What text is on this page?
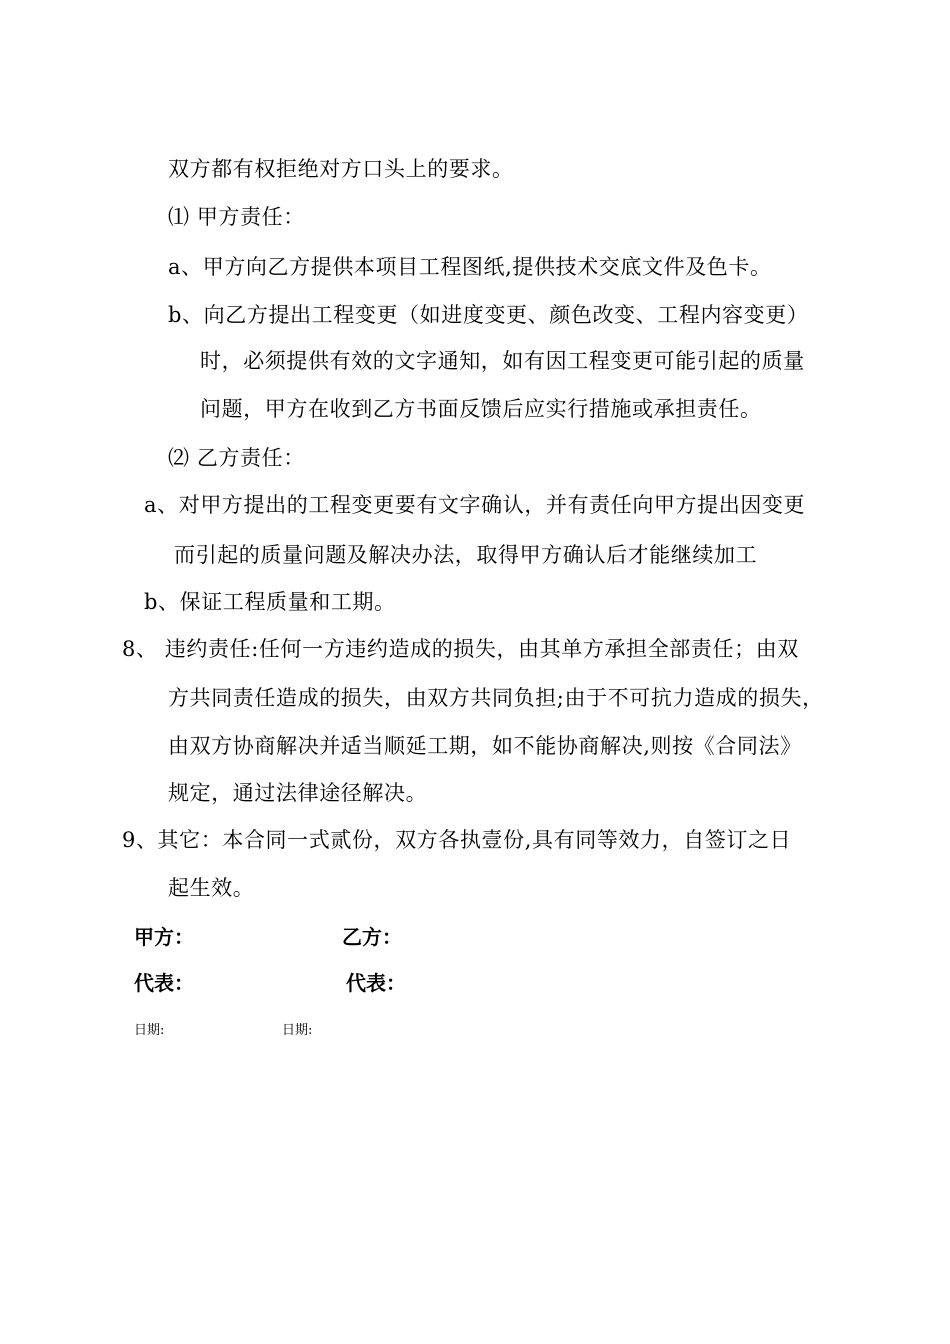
双方都有权拒绝对方口头上的要求。
⑴ 甲方责任：
a、甲方向乙方提供本项目工程图纸,提供技术交底文件及色卡。
b、向乙方提出工程变更（如进度变更、颜色改变、工程内容变更）
时，必须提供有效的文字通知，如有因工程变更可能引起的质量
问题，甲方在收到乙方书面反馈后应实行措施或承担责任。
⑵ 乙方责任：
a、对甲方提出的工程变更要有文字确认，并有责任向甲方提出因变更
而引起的质量问题及解决办法，取得甲方确认后才能继续加工
b、保证工程质量和工期。
8、 违约责任:任何一方违约造成的损失，由其单方承担全部责任；由双
方共同责任造成的损失，由双方共同负担;由于不可抗力造成的损失，
由双方协商解决并适当顺延工期，如不能协商解决,则按《合同法》
规定，通过法律途径解决。
9、其它：本合同一式贰份，双方各执壹份,具有同等效力，自签订之日
起生效。
甲方：	乙方：
代表：	代表：
日期:	日期:
